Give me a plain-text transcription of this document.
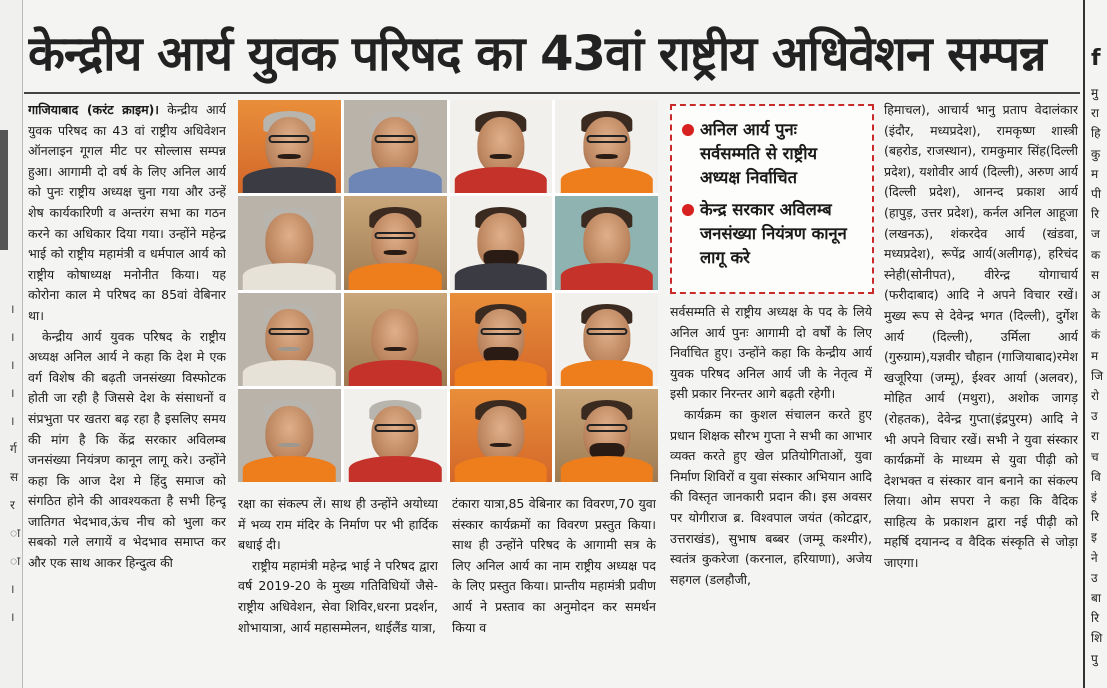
।
।
।
।
।
र्ग
स
र
ा
ा
।
।
f
मु
रा
हि
कु
म
पी
रि
ज
क
स
अ
के
कं
म
जि
रो
उ
रा
च
वि
इं
रि
इ
ने
उ
बा
रि
शि
पु
केन्द्रीय आर्य युवक परिषद का 43वां राष्ट्रीय अधिवेशन सम्पन्न

गाजियाबाद (करंट क्राइम)। केन्द्रीय आर्य युवक परिषद का 43 वां राष्ट्रीय अधिवेशन ऑनलाइन गूगल मीट पर सोल्लास सम्पन्न हुआ। आगामी दो वर्ष के लिए अनिल आर्य को पुनः राष्ट्रीय अध्यक्ष चुना गया और उन्हें शेष कार्यकारिणी व अन्तरंग सभा का गठन करने का अधिकार दिया गया। उन्होंने महेन्द्र भाई को राष्ट्रीय महामंत्री व धर्मपाल आर्य को राष्ट्रीय कोषाध्यक्ष मनोनीत किया। यह कोरोना काल मे परिषद का 85वां वेबिनार था।

केन्द्रीय आर्य युवक परिषद के राष्ट्रीय अध्यक्ष अनिल आर्य ने कहा कि देश मे एक वर्ग विशेष की बढ़ती जनसंख्या विस्फोटक होती जा रही है जिससे देश के संसाधनों व संप्रभुता पर खतरा बढ़ रहा है इसलिए समय की मांग है कि केंद्र सरकार अविलम्ब जनसंख्या नियंत्रण कानून लागू करे। उन्होंने कहा कि आज देश मे हिंदु समाज को संगठित होने की आवश्यकता है सभी हिन्दू जातिगत भेदभाव,ऊंच नीच को भुला कर सबको गले लगायें व भेदभाव समाप्त कर और एक साथ आकर हिन्दुत्व की

रक्षा का संकल्प लें। साथ ही उन्होंने अयोध्या में भव्य राम मंदिर के निर्माण पर भी हार्दिक बधाई दी।

राष्ट्रीय महामंत्री महेन्द्र भाई ने परिषद द्वारा वर्ष 2019-20 के मुख्य गतिविधियों जैसे- राष्ट्रीय अधिवेशन, सेवा शिविर,धरना प्रदर्शन, शोभायात्रा, आर्य महासम्मेलन, थाईलैंड यात्रा,

टंकारा यात्रा,85 वेबिनार का विवरण,70 युवा संस्कार कार्यक्रमों का विवरण प्रस्तुत किया। साथ ही उन्होंने परिषद के आगामी सत्र के लिए अनिल आर्य का नाम राष्ट्रीय अध्यक्ष पद के लिए प्रस्तुत किया। प्रान्तीय महामंत्री प्रवीण आर्य ने प्रस्ताव का अनुमोदन कर समर्थन किया व

अनिल आर्य पुनः सर्वसम्मति से राष्ट्रीय अध्यक्ष निर्वाचित
केन्द्र सरकार अविलम्ब जनसंख्या नियंत्रण कानून लागू करे

सर्वसम्मति से राष्ट्रीय अध्यक्ष के पद के लिये अनिल आर्य पुनः आगामी दो वर्षों के लिए निर्वाचित हुए। उन्होंने कहा कि केन्द्रीय आर्य युवक परिषद अनिल आर्य जी के नेतृत्व में इसी प्रकार निरन्तर आगे बढ़ती रहेगी।

कार्यक्रम का कुशल संचालन करते हुए प्रधान शिक्षक सौरभ गुप्ता ने सभी का आभार व्यक्त करते हुए खेल प्रतियोगिताओं, युवा निर्माण शिविरों व युवा संस्कार अभियान आदि की विस्तृत जानकारी प्रदान की। इस अवसर पर योगीराज ब्र. विश्वपाल जयंत (कोटद्वार, उत्तराखंड), सुभाष बब्बर (जम्मू कश्मीर), स्वतंत्र कुकरेजा (करनाल, हरियाणा), अजेय सहगल (डलहौजी,

हिमाचल), आचार्य भानु प्रताप वेदालंकार (इंदौर, मध्यप्रदेश), रामकृष्ण शास्त्री (बहरोड, राजस्थान), रामकुमार सिंह(दिल्ली प्रदेश), यशोवीर आर्य (दिल्ली), अरुण आर्य (दिल्ली प्रदेश), आनन्द प्रकाश आर्य (हापुड़, उत्तर प्रदेश), कर्नल अनिल आहूजा (लखनऊ), शंकरदेव आर्य (खंडवा, मध्यप्रदेश), रूपेंद्र आर्य(अलीगढ़), हरिचंद स्नेही(सोनीपत), वीरेन्द्र योगाचार्य (फरीदाबाद) आदि ने अपने विचार रखें। मुख्य रूप से देवेन्द्र भगत (दिल्ली), दुर्गेश आर्य (दिल्ली), उर्मिला आर्य (गुरुग्राम),यज्ञवीर चौहान (गाजियाबाद)रमेश खजूरिया (जम्मू), ईश्वर आर्या (अलवर), मोहित आर्य (मथुरा), अशोक जागड़ (रोहतक), देवेन्द्र गुप्ता(इंद्रपुरम) आदि ने भी अपने विचार रखें। सभी ने युवा संस्कार कार्यक्रमों के माध्यम से युवा पीढ़ी को देशभक्त व संस्कार वान बनाने का संकल्प लिया। ओम सपरा ने कहा कि वैदिक साहित्य के प्रकाशन द्वारा नई पीढ़ी को महर्षि दयानन्द व वैदिक संस्कृति से जोड़ा जाएगा।
